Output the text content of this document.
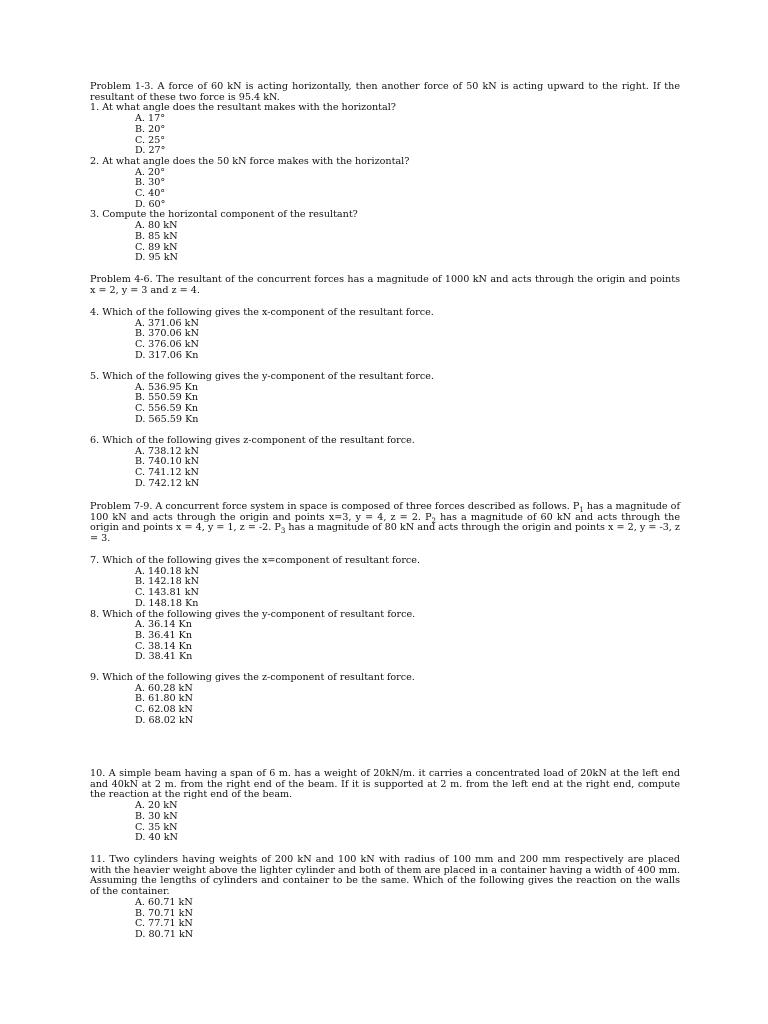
Problem 1-3. A force of 60 kN is acting horizontally, then another force of 50 kN is acting upward to the right. If the resultant of these two force is 95.4 kN.

1. At what angle does the resultant makes with the horizontal?

A. 17°
B. 20°
C. 25°
D. 27°

2. At what angle does the 50 kN force makes with the horizontal?

A. 20°
B. 30°
C. 40°
D. 60°

3. Compute the horizontal component of the resultant?

A. 80 kN
B. 85 kN
C. 89 kN
D. 95 kN

Problem 4-6. The resultant of the concurrent forces has a magnitude of 1000 kN and acts through the origin and points x = 2, y = 3 and z = 4.

4. Which of the following gives the x-component of the resultant force.

A. 371.06 kN
B. 370.06 kN
C. 376.06 kN
D. 317.06 Kn

5. Which of the following gives the y-component of the resultant force.

A. 536.95 Kn
B. 550.59 Kn
C. 556.59 Kn
D. 565.59 Kn

6. Which of the following gives z-component of the resultant force.

A. 738.12 kN
B. 740.10 kN
C. 741.12 kN
D. 742.12 kN

Problem 7-9. A concurrent force system in space is composed of three forces described as follows. $P_1$ has a magnitude of 100 kN and acts through the origin and points x=3, y = 4, z = 2. $P_2$ has a magnitude of 60 kN and acts through the origin and points x = 4, y = 1, z = -2. $P_3$ has a magnitude of 80 kN and acts through the origin and points x = 2, y = -3, z = 3.

7. Which of the following gives the x=component of resultant force.

A. 140.18 kN
B. 142.18 kN
C. 143.81 kN
D. 148.18 Kn

8. Which of the following gives the y-component of resultant force.

A. 36.14 Kn
B. 36.41 Kn
C. 38.14 Kn
D. 38.41 Kn

9. Which of the following gives the z-component of resultant force.

A. 60.28 kN
B. 61.80 kN
C. 62.08 kN
D. 68.02 kN

10. A simple beam having a span of 6 m. has a weight of 20kN/m. it carries a concentrated load of 20kN at the left end and 40kN at 2 m. from the right end of the beam. If it is supported at 2 m. from the left end at the right end, compute the reaction at the right end of the beam.

A. 20 kN
B. 30 kN
C. 35 kN
D. 40 kN

11. Two cylinders having weights of 200 kN and 100 kN with radius of 100 mm and 200 mm respectively are placed with the heavier weight above the lighter cylinder and both of them are placed in a container having a width of 400 mm. Assuming the lengths of cylinders and container to be the same. Which of the following gives the reaction on the walls of the container.

A. 60.71 kN
B. 70.71 kN
C. 77.71 kN
D. 80.71 kN
